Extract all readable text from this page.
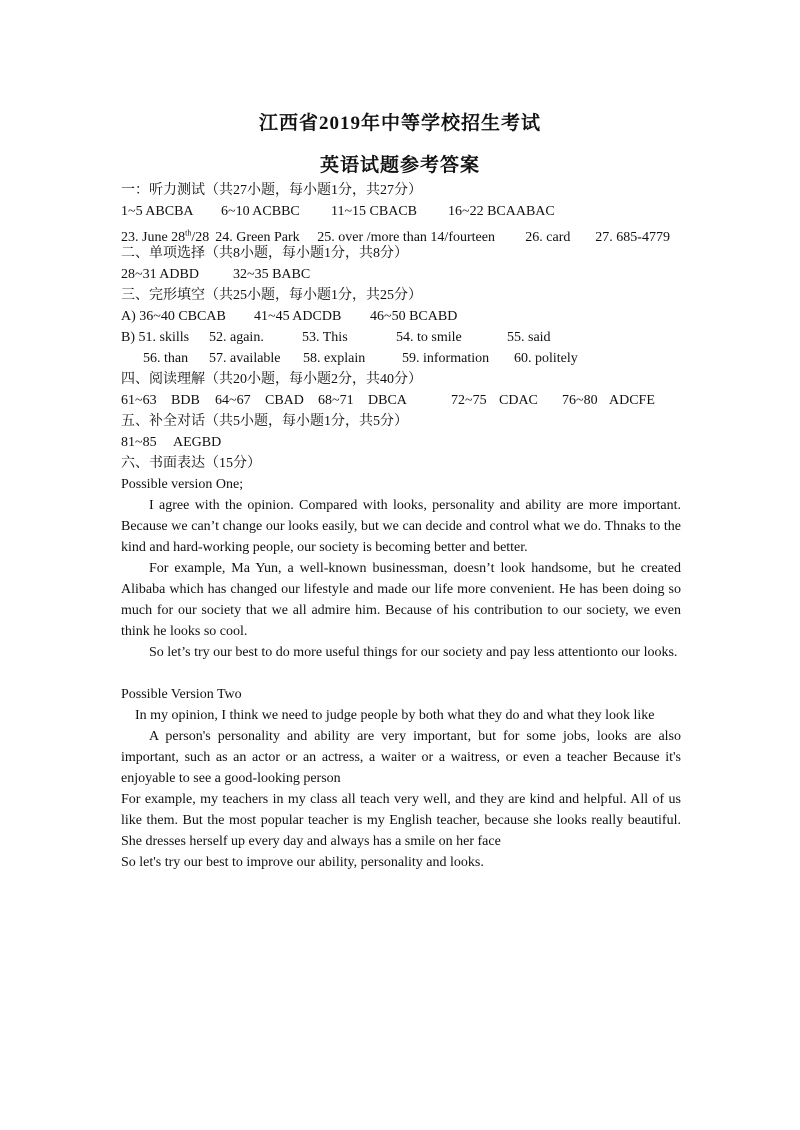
江西省2019年中等学校招生考试
英语试题参考答案
一：听力测试（共27小题，每小题1分，共27分）
1~5 ABCBA 6~10 ACBBC 11~15 CBACB 16~22 BCAABAC
23. June 28th/28 24. Green Park 25. over /more than 14/fourteen 26. card 27. 685-4779
二、单项选择（共8小题，每小题1分，共8分）
28~31 ADBD 32~35 BABC
三、完形填空（共25小题，每小题1分，共25分）
A) 36~40 CBCAB 41~45 ADCDB 46~50 BCABD
B) 51. skills 52. again.	53. This	54. to smile	55. said
56. than 57. available 58. explain	59. information 60. politely
四、阅读理解（共20小题，每小题2分，共40分）
61~63 BDB 64~67 CBAD 68~71 DBCA	72~75 CDAC 76~80 ADCFE
五、补全对话（共5小题，每小题1分，共5分）
81~85 AEGBD
六、书面表达（15分）
Possible version One;
I agree with the opinion. Compared with looks, personality and ability are more important. Because we can’t change our looks easily, but we can decide and control what we do. Thnaks to the kind and hard-working people, our society is becoming better and better.
For example, Ma Yun, a well-known businessman, doesn’t look handsome, but he created Alibaba which has changed our lifestyle and made our life more convenient. He has been doing so much for our society that we all admire him. Because of his contribution to our society, we even think he looks so cool.
So let’s try our best to do more useful things for our society and pay less attentionto our looks.
Possible Version Two
In my opinion, I think we need to judge people by both what they do and what they look like
A person's personality and ability are very important, but for some jobs, looks are also important, such as an actor or an actress, a waiter or a waitress, or even a teacher Because it's enjoyable to see a good-looking person
For example, my teachers in my class all teach very well, and they are kind and helpful. All of us like them. But the most popular teacher is my English teacher, because she looks really beautiful. She dresses herself up every day and always has a smile on her face
So let's try our best to improve our ability, personality and looks.
